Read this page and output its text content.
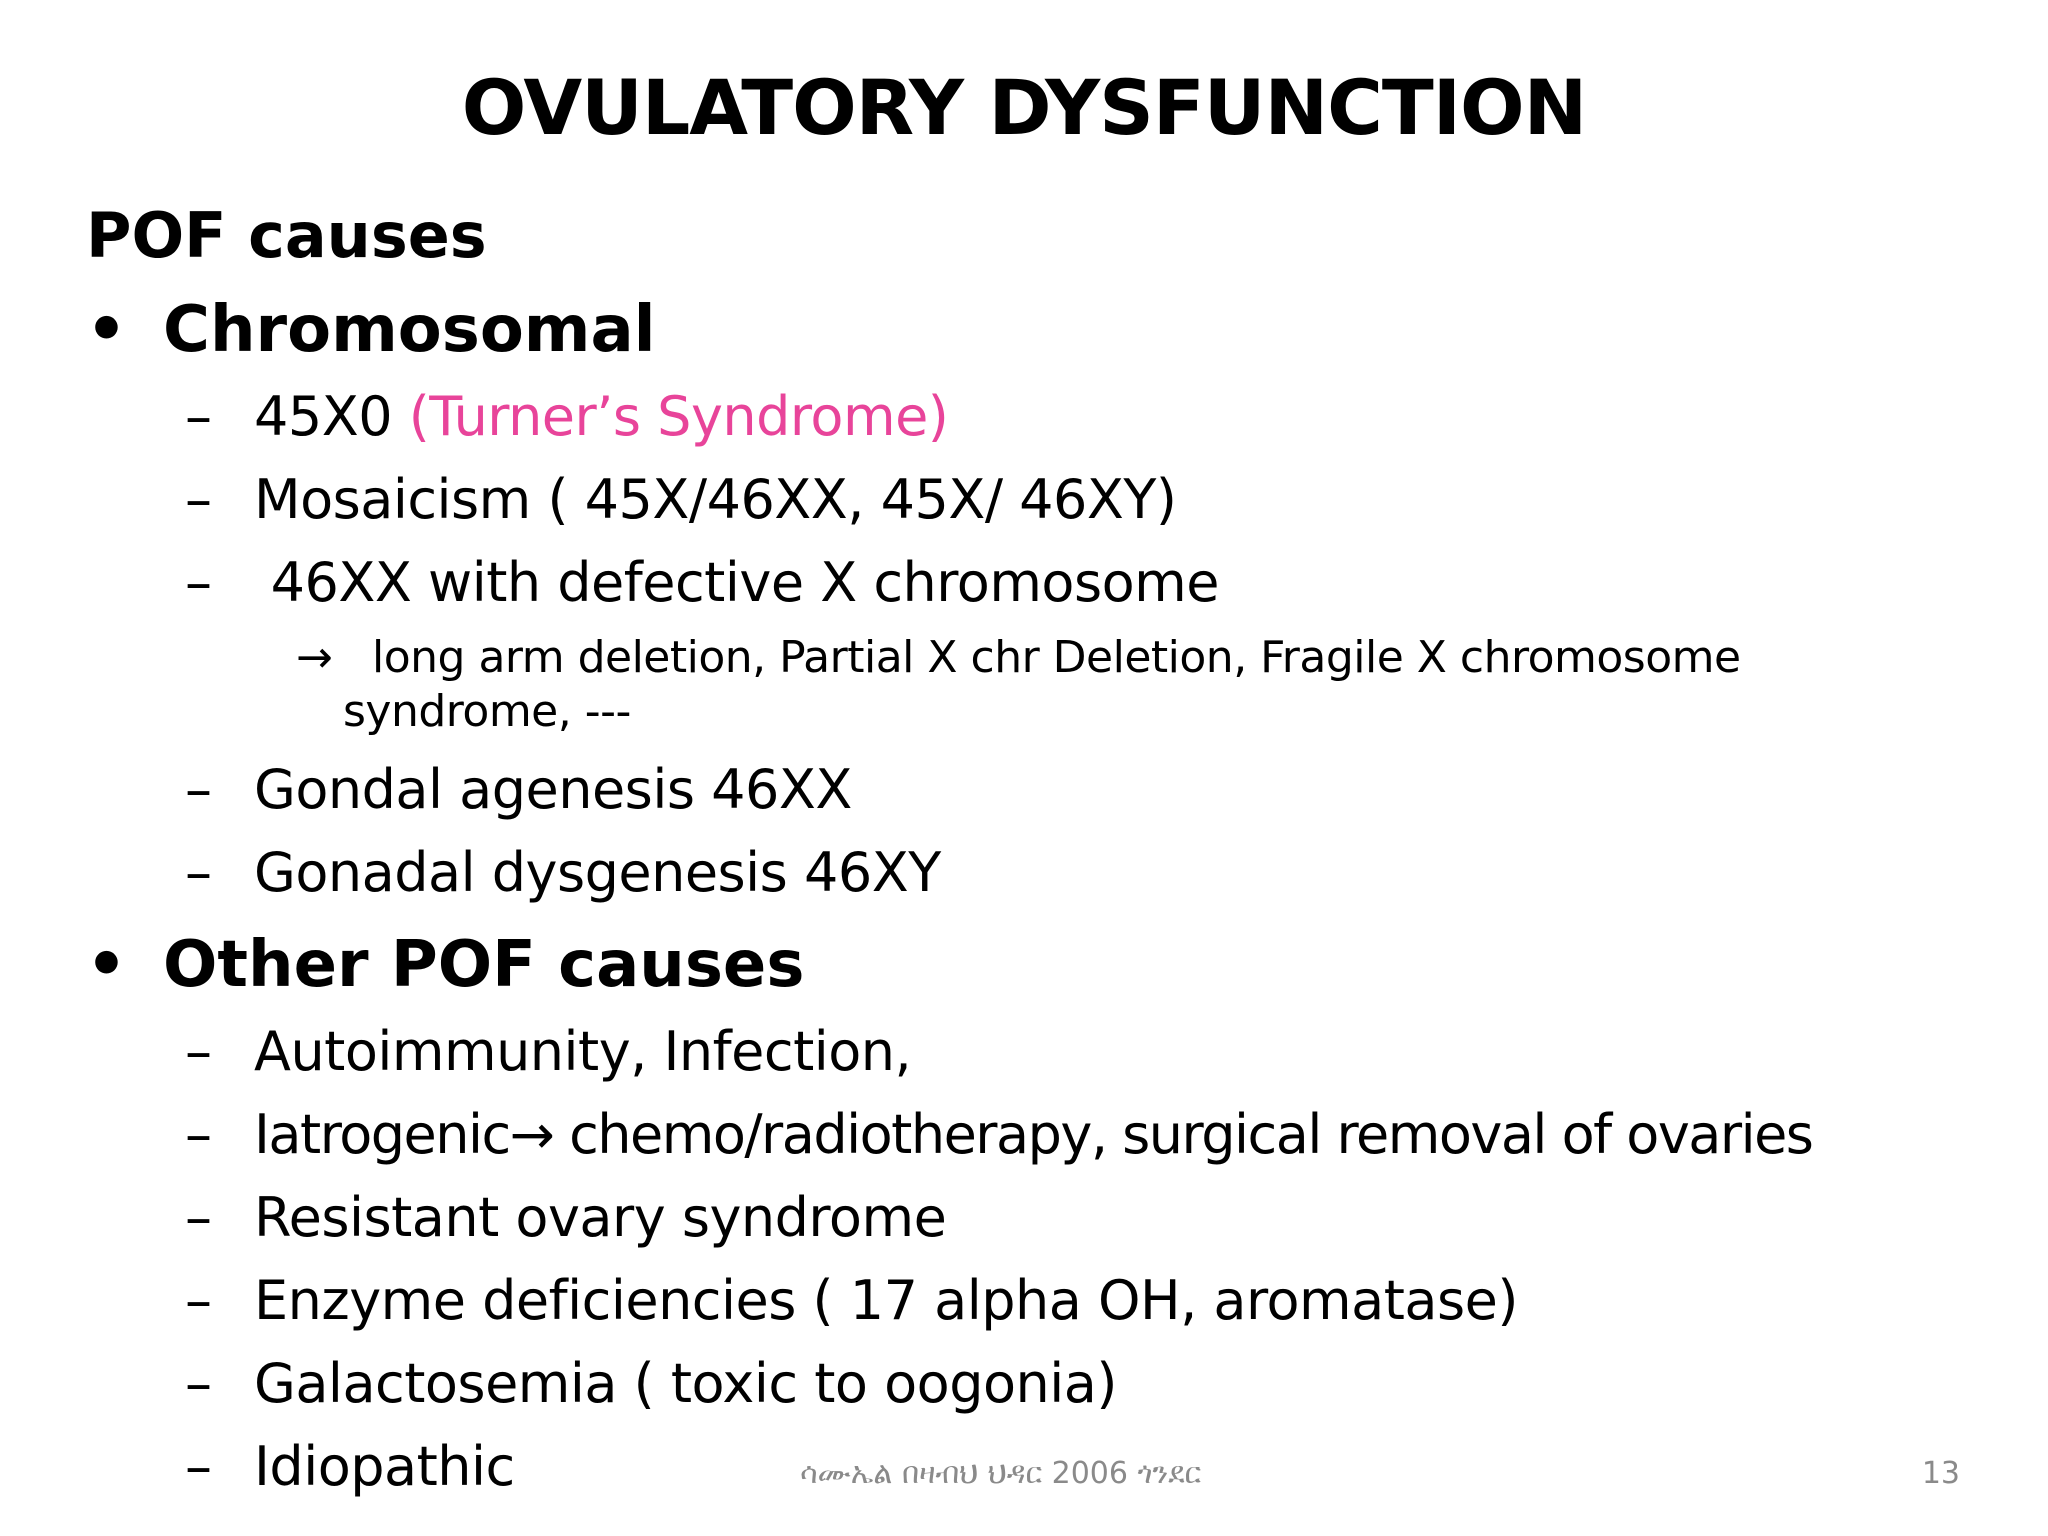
OVULATORY DYSFUNCTION
POF causes
• Chromosomal
– 45X0 (Turner’s Syndrome)
– Mosaicism ( 45X/46XX, 45X/ 46XY)
– 46XX with defective X chromosome
→ long arm deletion, Partial X chr Deletion, Fragile X chromosome
syndrome, ---
– Gondal agenesis 46XX
– Gonadal dysgenesis 46XY
• Other POF causes
– Autoimmunity, Infection,
– Iatrogenic→ chemo/radiotherapy, surgical removal of ovaries
– Resistant ovary syndrome
– Enzyme deficiencies ( 17 alpha OH, aromatase)
– Galactosemia ( toxic to oogonia)
– Idiopathic	ሳሙኤል በዛብህ ህዳር 2006 ጎንደር	13
